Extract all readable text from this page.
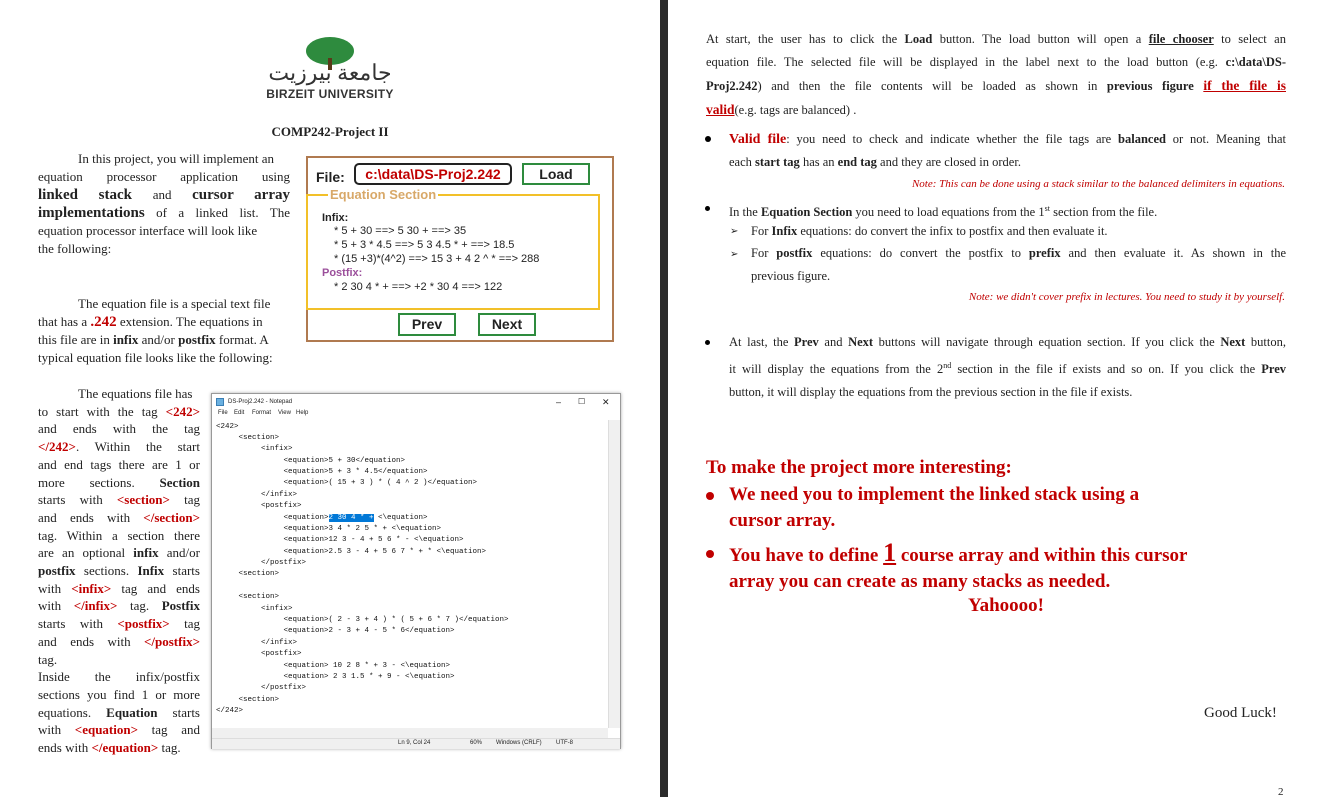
جامعة بيرزيت
BIRZEIT UNIVERSITY
COMP242-Project II
In this project, you will implement an
equation processor application using
linked stack and cursor array
implementations of a linked list. The
equation processor interface will look like
the following:
The equation file is a special text file
that has a .242 extension. The equations in
this file are in infix and/or postfix format. A
typical equation file looks like the following:
File:	c:\data\DS-Proj2.242	Load
Equation Section
Infix:
* 5 + 30 ==> 5 30 + ==> 35
* 5 + 3 * 4.5 ==> 5 3 4.5 * + ==> 18.5
* (15 +3)*(4^2) ==> 15 3 + 4 2 ^ * ==> 288
Postfix:
* 2 30 4 * + ==> +2 * 30 4 ==> 122
Prev	Next
The equations file has
to start with the tag <242>
and ends with the tag
</242>. Within the start
and end tags there are 1 or
more sections. Section
starts with <section> tag
and ends with </section>
tag. Within a section there
are an optional infix and/or
postfix sections. Infix starts
with <infix> tag and ends
with </infix> tag. Postfix
starts with <postfix> tag
and ends with </postfix>
tag.
Inside the infix/postfix
sections you find 1 or more
equations. Equation starts
with <equation> tag and
ends with </equation> tag.
DS-Proj2.242 - Notepad	– ☐ ✕
File Edit Format View Help
<242>
<section>
<infix>
<equation>5 + 30</equation>
<equation>5 + 3 * 4.5</equation>
<equation>( 15 + 3 ) * ( 4 ^ 2 )</equation>
</infix>
<postfix>
<equation>2 30 4 * + <\equation>
<equation>3 4 * 2 5 * + <\equation>
<equation>12 3 - 4 + 5 6 * - <\equation>
<equation>2.5 3 - 4 + 5 6 7 * + * <\equation>
</postfix>
<section>
<section>
<infix>
<equation>( 2 - 3 + 4 ) * ( 5 + 6 * 7 )</equation>
<equation>2 - 3 + 4 - 5 * 6</equation>
</infix>
<postfix>
<equation> 10 2 8 * + 3 - <\equation>
<equation> 2 3 1.5 * + 9 - <\equation>
</postfix>
<section>
</242>
Ln 9, Col 24	60% Windows (CRLF) UTF-8
At start, the user has to click the Load button. The load button will open a file chooser to select an
equation file. The selected file will be displayed in the label next to the load button (e.g. c:\data\DS-
Proj2.242) and then the file contents will be loaded as shown in previous figure if the file is
valid(e.g. tags are balanced) .
Valid file: you need to check and indicate whether the file tags are balanced or not. Meaning that
each start tag has an end tag and they are closed in order.
Note: This can be done using a stack similar to the balanced delimiters in equations.
In the Equation Section you need to load equations from the 1st section from the file.
➢ For Infix equations: do convert the infix to postfix and then evaluate it.
➢ For postfix equations: do convert the postfix to prefix and then evaluate it. As shown in the
previous figure.
Note: we didn't cover prefix in lectures. You need to study it by yourself.
At last, the Prev and Next buttons will navigate through equation section. If you click the Next button,
it will display the equations from the 2nd section in the file if exists and so on. If you click the Prev
button, it will display the equations from the previous section in the file if exists.
To make the project more interesting:
We need you to implement the linked stack using a
cursor array.
You have to define 1 course array and within this cursor
array you can create as many stacks as needed.
Yahoooo!
Good Luck!
2
